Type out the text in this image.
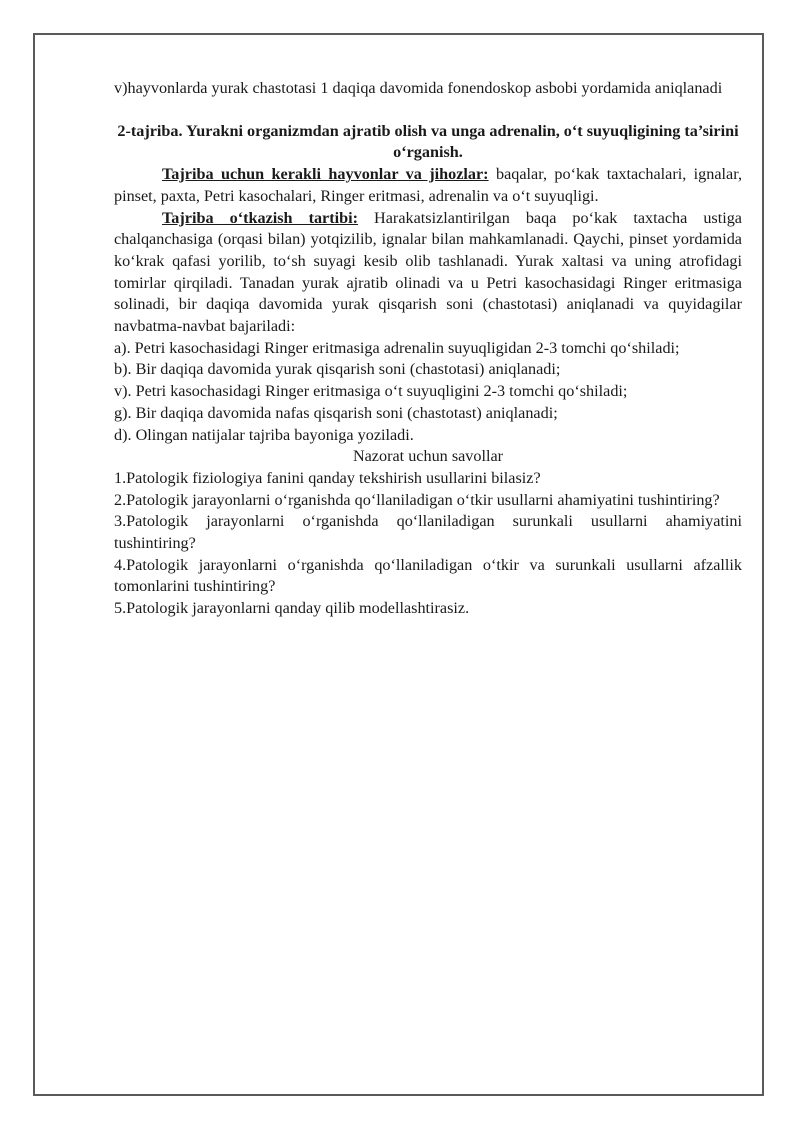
v)hayvonlarda yurak chastotasi 1 daqiqa davomida fonendoskop asbobi yordamida aniqlanadi

2-tajriba. Yurakni organizmdan ajratib olish va unga adrenalin, o‘t suyuqligining ta’sirini o‘rganish.

Tajriba uchun kerakli hayvonlar va jihozlar: baqalar, po‘kak taxtachalari, ignalar, pinset, paxta, Petri kasochalari, Ringer eritmasi, adrenalin va o‘t suyuqligi.

Tajriba o‘tkazish tartibi: Harakatsizlantirilgan baqa po‘kak taxtacha ustiga chalqanchasiga (orqasi bilan) yotqizilib, ignalar bilan mahkamlanadi. Qaychi, pinset yordamida ko‘krak qafasi yorilib, to‘sh suyagi kesib olib tashlanadi. Yurak xaltasi va uning atrofidagi tomirlar qirqiladi. Tanadan yurak ajratib olinadi va u Petri kasochasidagi Ringer eritmasiga solinadi, bir daqiqa davomida yurak qisqarish soni (chastotasi) aniqlanadi va quyidagilar navbatma-navbat bajariladi:

a). Petri kasochasidagi Ringer eritmasiga adrenalin suyuqligidan 2-3 tomchi qo‘shiladi;

b). Bir daqiqa davomida yurak qisqarish soni (chastotasi) aniqlanadi;

v). Petri kasochasidagi Ringer eritmasiga o‘t suyuqligini 2-3 tomchi qo‘shiladi;

g). Bir daqiqa davomida nafas qisqarish soni (chastotast) aniqlanadi;

d). Olingan natijalar tajriba bayoniga yoziladi.

Nazorat uchun savollar

1.Patologik fiziologiya fanini qanday tekshirish usullarini bilasiz?

2.Patologik jarayonlarni o‘rganishda qo‘llaniladigan o‘tkir usullarni ahamiyatini tushintiring?

3.Patologik jarayonlarni o‘rganishda qo‘llaniladigan surunkali usullarni ahamiyatini tushintiring?

4.Patologik jarayonlarni o‘rganishda qo‘llaniladigan o‘tkir va surunkali usullarni afzallik tomonlarini tushintiring?

5.Patologik jarayonlarni qanday qilib modellashtirasiz.
